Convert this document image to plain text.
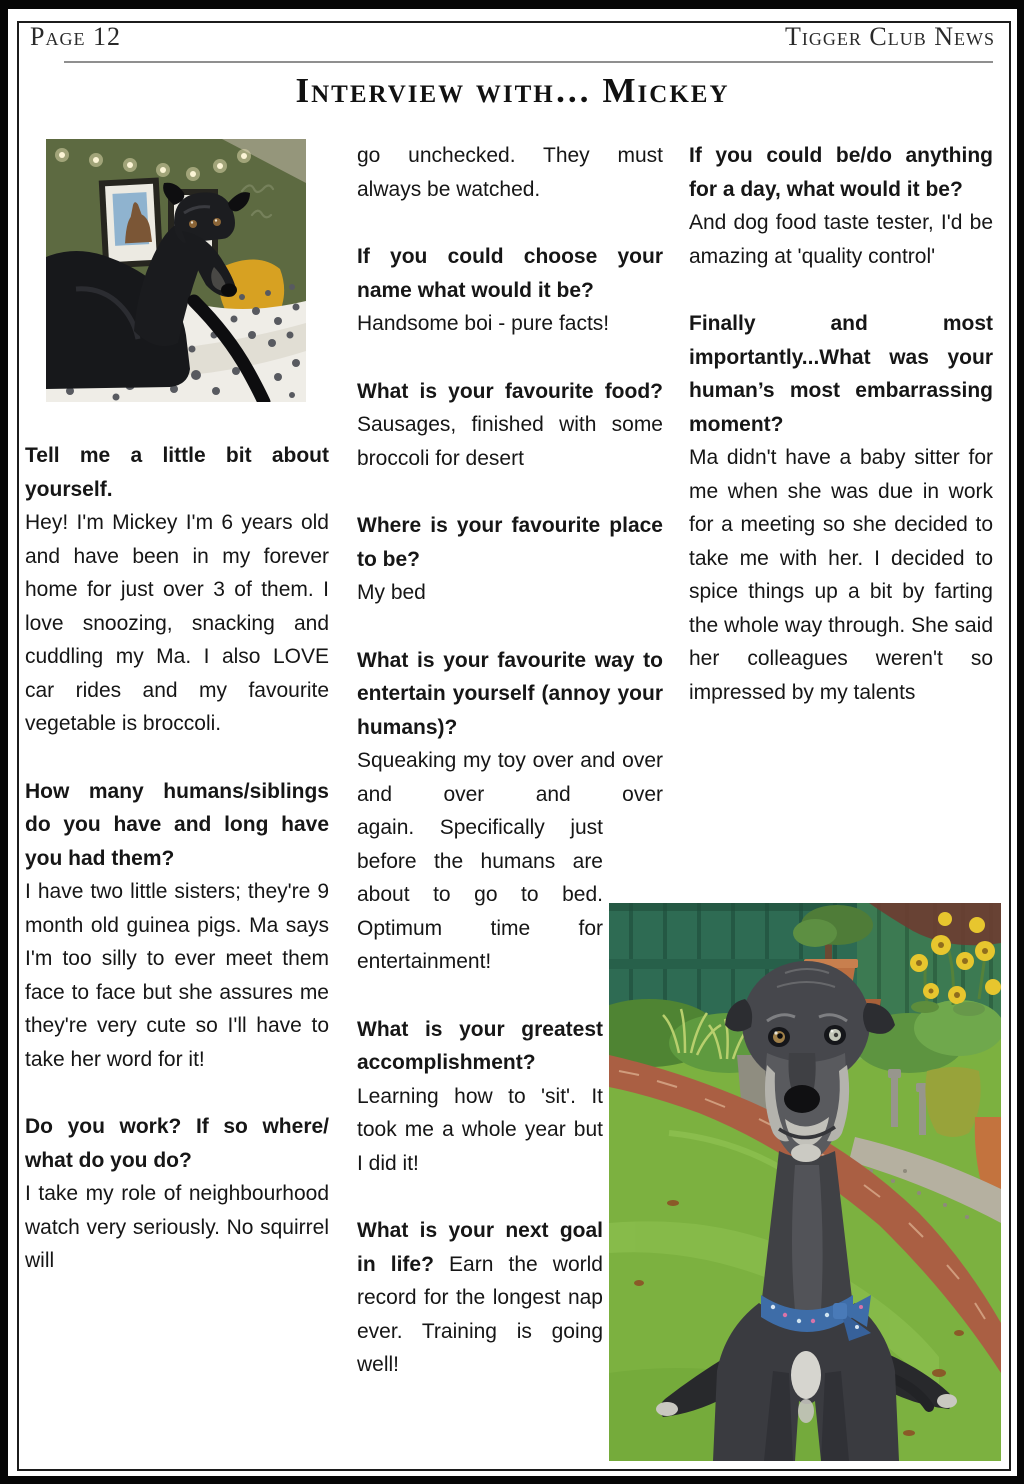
Page 12	Tigger Club News
Interview with… Mickey

Tell me a little bit about yourself.

Hey! I'm Mickey I'm 6 years old and have been in my forever home for just over 3 of them. I love snoozing, snacking and cuddling my Ma. I also LOVE car rides and my favourite vegetable is broccoli.

How many humans/​siblings do you have and long have you had them?

I have two little sisters; they're 9 month old guinea pigs. Ma says I'm too silly to ever meet them face to face but she assures me they're very cute so I'll have to take her word for it!

Do you work? If so where/​what do you do?

I take my role of neighbourhood watch very seriously. No squirrel will

go unchecked. They must always be watched.

If you could choose your name what would it be?

Handsome boi - pure facts!

What is your favourite food? Sausages, finished with some broccoli for desert

Where is your favourite place to be?

My bed

What is your favourite way to entertain yourself (annoy your humans)?

Squeaking my toy over and over and over and over

again. Specifically just before the humans are about to go to bed. Optimum time for entertainment!

What is your greatest accomplishment?

Learning how to 'sit'. It took me a whole year but I did it!

What is your next goal in life? Earn the world record for the longest nap ever. Training is going well!

If you could be/do anything for a day, what would it be?

And dog food taste tester, I'd be amazing at 'quality control'

Finally and most importantly...What was your human’s most embarrassing moment?

Ma didn't have a baby sitter for me when she was due in work for a meeting so she decided to take me with her. I decided to spice things up a bit by farting the whole way through. She said her colleagues weren't so impressed by my talents
